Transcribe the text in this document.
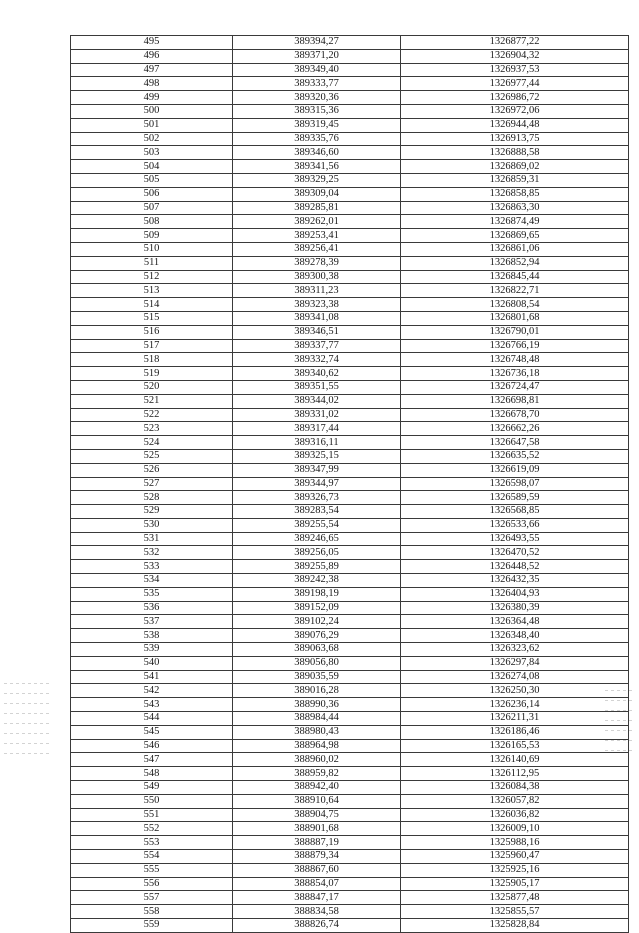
495	389394,27	1326877,22
496	389371,20	1326904,32
497	389349,40	1326937,53
498	389333,77	1326977,44
499	389320,36	1326986,72
500	389315,36	1326972,06
501	389319,45	1326944,48
502	389335,76	1326913,75
503	389346,60	1326888,58
504	389341,56	1326869,02
505	389329,25	1326859,31
506	389309,04	1326858,85
507	389285,81	1326863,30
508	389262,01	1326874,49
509	389253,41	1326869,65
510	389256,41	1326861,06
511	389278,39	1326852,94
512	389300,38	1326845,44
513	389311,23	1326822,71
514	389323,38	1326808,54
515	389341,08	1326801,68
516	389346,51	1326790,01
517	389337,77	1326766,19
518	389332,74	1326748,48
519	389340,62	1326736,18
520	389351,55	1326724,47
521	389344,02	1326698,81
522	389331,02	1326678,70
523	389317,44	1326662,26
524	389316,11	1326647,58
525	389325,15	1326635,52
526	389347,99	1326619,09
527	389344,97	1326598,07
528	389326,73	1326589,59
529	389283,54	1326568,85
530	389255,54	1326533,66
531	389246,65	1326493,55
532	389256,05	1326470,52
533	389255,89	1326448,52
534	389242,38	1326432,35
535	389198,19	1326404,93
536	389152,09	1326380,39
537	389102,24	1326364,48
538	389076,29	1326348,40
539	389063,68	1326323,62
540	389056,80	1326297,84
541	389035,59	1326274,08
542	389016,28	1326250,30
543	388990,36	1326236,14
544	388984,44	1326211,31
545	388980,43	1326186,46
546	388964,98	1326165,53
547	388960,02	1326140,69
548	388959,82	1326112,95
549	388942,40	1326084,38
550	388910,64	1326057,82
551	388904,75	1326036,82
552	388901,68	1326009,10
553	388887,19	1325988,16
554	388879,34	1325960,47
555	388867,60	1325925,16
556	388854,07	1325905,17
557	388847,17	1325877,48
558	388834,58	1325855,57
559	388826,74	1325828,84
